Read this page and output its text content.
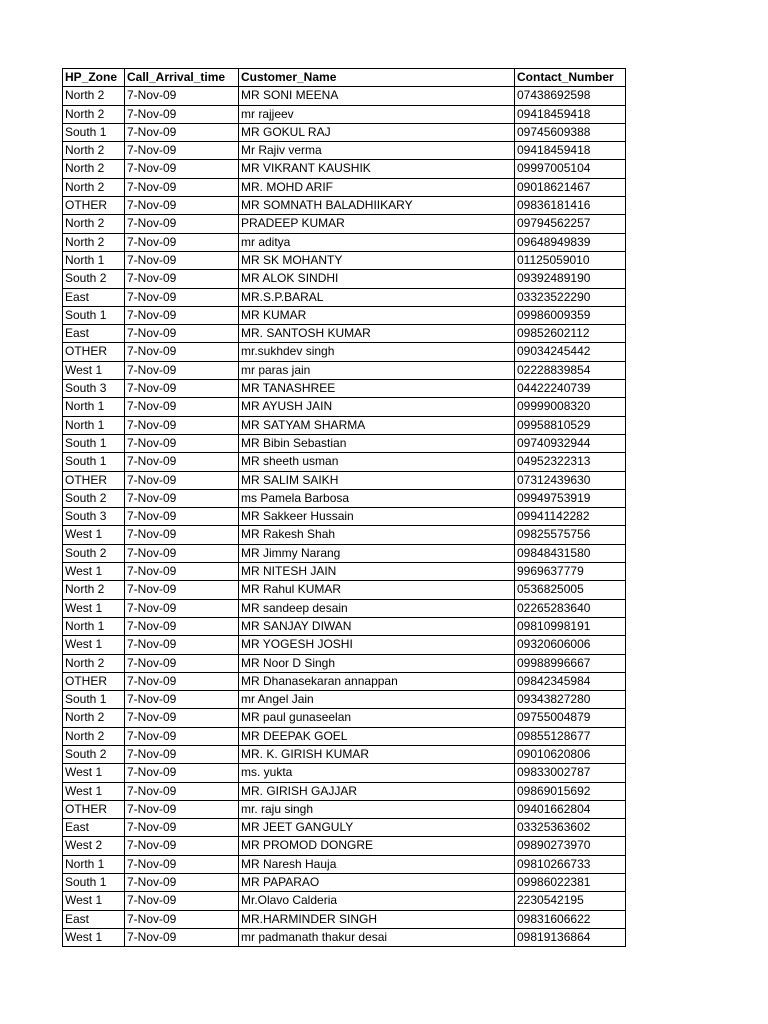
HP_Zone	Call_Arrival_time	Customer_Name	Contact_Number
North 2	7-Nov-09	MR SONI MEENA	07438692598
North 2	7-Nov-09	mr rajjeev	09418459418
South 1	7-Nov-09	MR GOKUL RAJ	09745609388
North 2	7-Nov-09	Mr Rajiv verma	09418459418
North 2	7-Nov-09	MR VIKRANT KAUSHIK	09997005104
North 2	7-Nov-09	MR. MOHD ARIF	09018621467
OTHER	7-Nov-09	MR SOMNATH BALADHIIKARY	09836181416
North 2	7-Nov-09	PRADEEP KUMAR	09794562257
North 2	7-Nov-09	mr aditya	09648949839
North 1	7-Nov-09	MR SK MOHANTY	01125059010
South 2	7-Nov-09	MR ALOK SINDHI	09392489190
East	7-Nov-09	MR.S.P.BARAL	03323522290
South 1	7-Nov-09	MR KUMAR	09986009359
East	7-Nov-09	MR. SANTOSH KUMAR	09852602112
OTHER	7-Nov-09	mr.sukhdev singh	09034245442
West 1	7-Nov-09	mr paras jain	02228839854
South 3	7-Nov-09	MR TANASHREE	04422240739
North 1	7-Nov-09	MR AYUSH JAIN	09999008320
North 1	7-Nov-09	MR SATYAM SHARMA	09958810529
South 1	7-Nov-09	MR Bibin Sebastian	09740932944
South 1	7-Nov-09	MR sheeth usman	04952322313
OTHER	7-Nov-09	MR SALIM SAIKH	07312439630
South 2	7-Nov-09	ms Pamela Barbosa	09949753919
South 3	7-Nov-09	MR Sakkeer Hussain	09941142282
West 1	7-Nov-09	MR Rakesh Shah	09825575756
South 2	7-Nov-09	MR Jimmy Narang	09848431580
West 1	7-Nov-09	MR NITESH JAIN	9969637779
North 2	7-Nov-09	MR Rahul KUMAR	0536825005
West 1	7-Nov-09	MR sandeep desain	02265283640
North 1	7-Nov-09	MR SANJAY DIWAN	09810998191
West 1	7-Nov-09	MR YOGESH JOSHI	09320606006
North 2	7-Nov-09	MR Noor D Singh	09988996667
OTHER	7-Nov-09	MR Dhanasekaran annappan	09842345984
South 1	7-Nov-09	mr Angel Jain	09343827280
North 2	7-Nov-09	MR paul gunaseelan	09755004879
North 2	7-Nov-09	MR DEEPAK GOEL	09855128677
South 2	7-Nov-09	MR. K. GIRISH KUMAR	09010620806
West 1	7-Nov-09	ms. yukta	09833002787
West 1	7-Nov-09	MR. GIRISH GAJJAR	09869015692
OTHER	7-Nov-09	mr. raju singh	09401662804
East	7-Nov-09	MR JEET GANGULY	03325363602
West 2	7-Nov-09	MR PROMOD DONGRE	09890273970
North 1	7-Nov-09	MR Naresh Hauja	09810266733
South 1	7-Nov-09	MR PAPARAO	09986022381
West 1	7-Nov-09	Mr.Olavo Calderia	2230542195
East	7-Nov-09	MR.HARMINDER SINGH	09831606622
West 1	7-Nov-09	mr padmanath thakur desai	09819136864
